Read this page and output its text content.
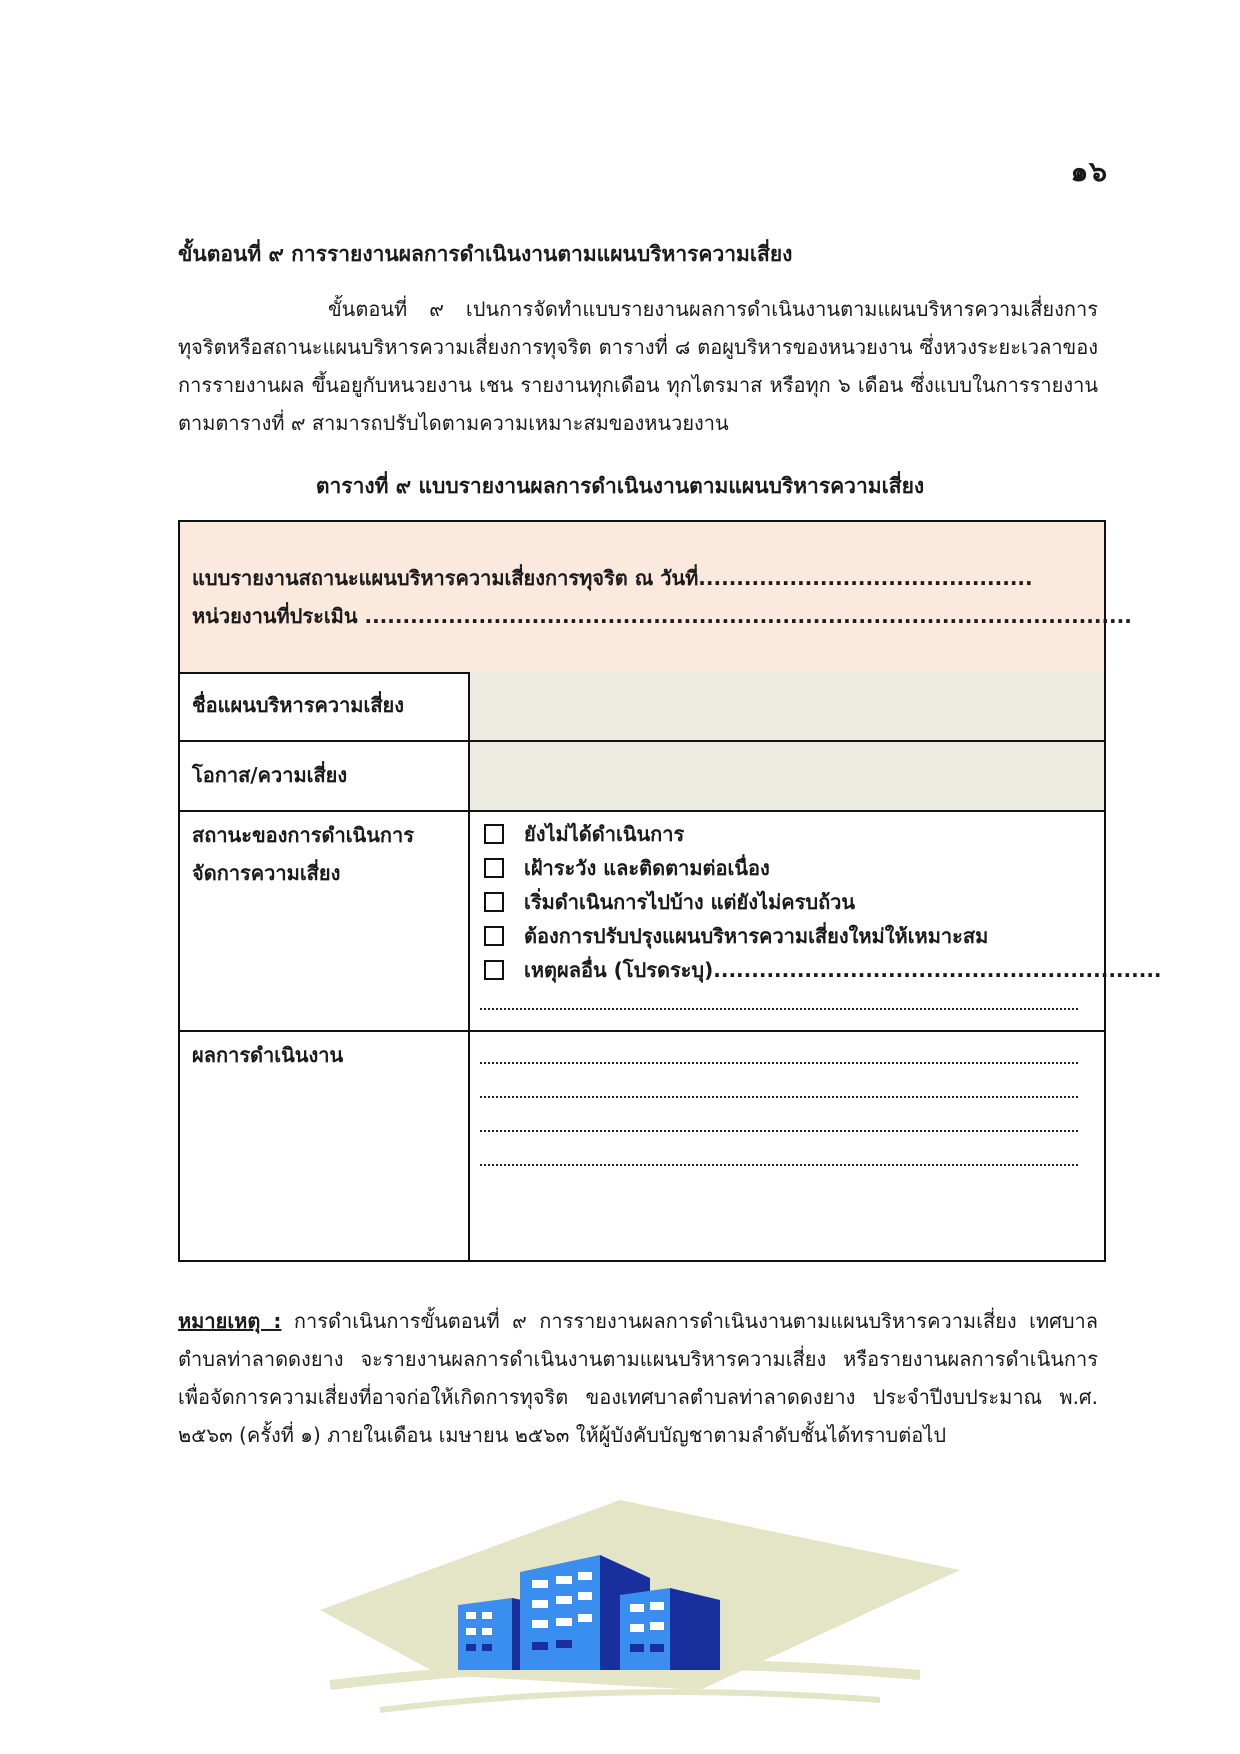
๑๖
ขั้นตอนที่ ๙ การรายงานผลการดำเนินงานตามแผนบริหารความเสี่ยง
ขั้นตอนที่ ๙ เปนการจัดทำแบบรายงานผลการดำเนินงานตามแผนบริหารความเสี่ยงการทุจริตหรือสถานะแผนบริหารความเสี่ยงการทุจริต ตารางที่ ๘ ตอผูบริหารของหนวยงาน ซึ่งหวงระยะเวลาของการรายงานผล ขึ้นอยูกับหนวยงาน เชน รายงานทุกเดือน ทุกไตรมาส หรือทุก ๖ เดือน ซึ่งแบบในการรายงานตามตารางที่ ๙ สามารถปรับไดตามความเหมาะสมของหนวยงาน
ตารางที่ ๙ แบบรายงานผลการดำเนินงานตามแผนบริหารความเสี่ยง
แบบรายงานสถานะแผนบริหารความเสี่ยงการทุจริต ณ วันที่............................................
หน่วยงานที่ประเมิน .....................................................................................................
ชื่อแผนบริหารความเสี่ยง
โอกาส/ความเสี่ยง
สถานะของการดำเนินการจัดการความเสี่ยง
ยังไม่ได้ดำเนินการ
เฝ้าระวัง และติดตามต่อเนื่อง
เริ่มดำเนินการไปบ้าง แต่ยังไม่ครบถ้วน
ต้องการปรับปรุงแผนบริหารความเสี่ยงใหม่ให้เหมาะสม
เหตุผลอื่น (โปรดระบุ)...........................................................
ผลการดำเนินงาน
หมายเหตุ : การดำเนินการขั้นตอนที่ ๙ การรายงานผลการดำเนินงานตามแผนบริหารความเสี่ยง เทศบาลตำบลท่าลาดดงยาง จะรายงานผลการดำเนินงานตามแผนบริหารความเสี่ยง หรือรายงานผลการดำเนินการเพื่อจัดการความเสี่ยงที่อาจก่อให้เกิดการทุจริต ของเทศบาลตำบลท่าลาดดงยาง ประจำปีงบประมาณ พ.ศ. ๒๕๖๓ (ครั้งที่ ๑) ภายในเดือน เมษายน ๒๕๖๓ ให้ผู้บังคับบัญชาตามลำดับชั้นได้ทราบต่อไป
